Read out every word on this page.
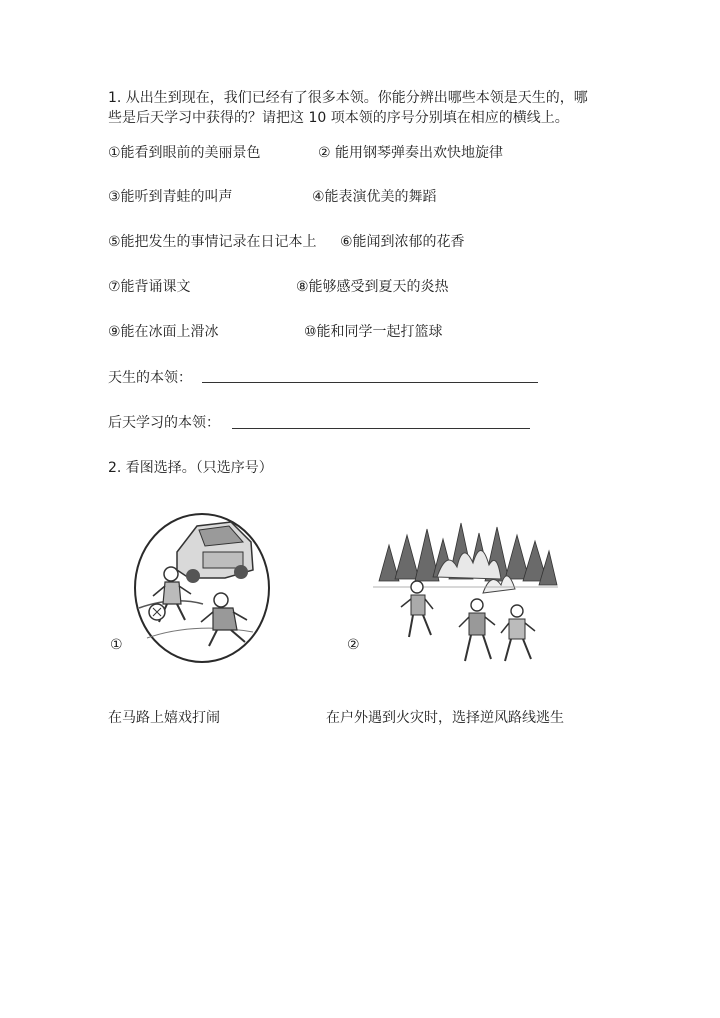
1. 从出生到现在，我们已经有了很多本领。你能分辨出哪些本领是天生的，哪
些是后天学习中获得的？请把这 10 项本领的序号分别填在相应的横线上。
①能看到眼前的美丽景色	② 能用钢琴弹奏出欢快地旋律
③能听到青蛙的叫声	④能表演优美的舞蹈
⑤能把发生的事情记录在日记本上 ⑥能闻到浓郁的花香
⑦能背诵课文	⑧能够感受到夏天的炎热
⑨能在冰面上滑冰	⑩能和同学一起打篮球
天生的本领：
后天学习的本领：
2. 看图选择。（只选序号）
①	②
在马路上嬉戏打闹	在户外遇到火灾时，选择逆风路线逃生
